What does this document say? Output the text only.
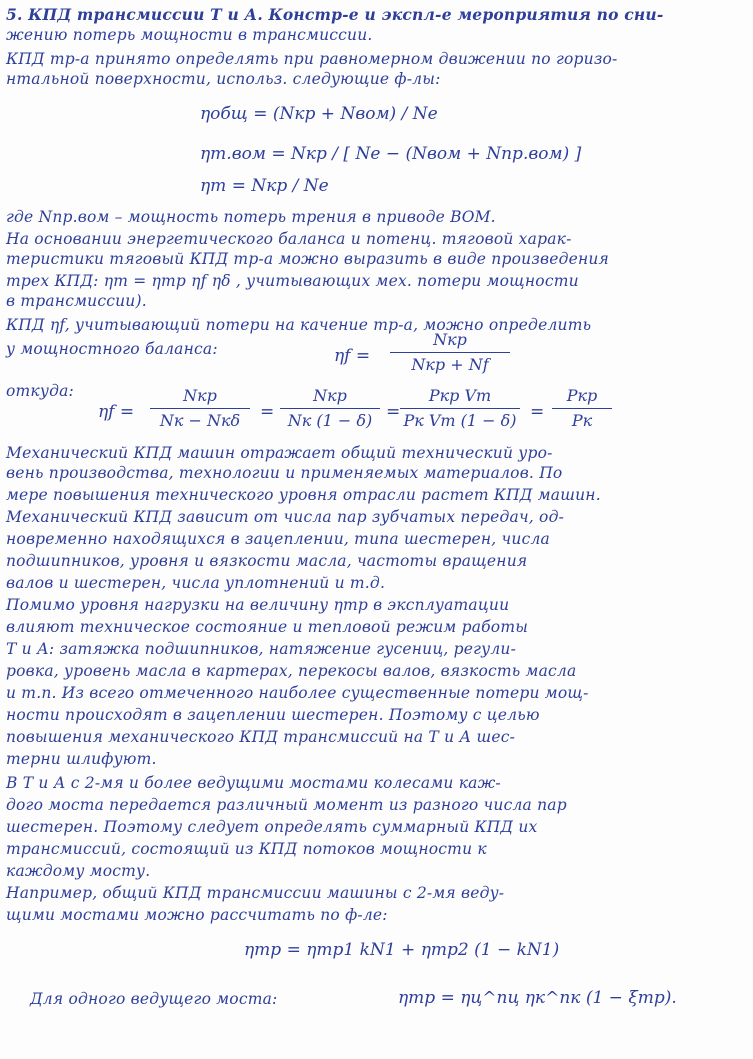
5. КПД трансмиссии Т и А. Констр-е и экспл-е мероприятия по сни-
жению потерь мощности в трансмиссии.
КПД тр-а принято определять при равномерном движении по горизо-
нтальной поверхности, использ. следующие ф-лы:
ηобщ = (Nкр + Nвом) / Ne
ηт.вом = Nкр / [ Ne − (Nвом + Nпр.вом) ]
ηт = Nкр / Ne
где Nпр.вом – мощность потерь трения в приводе ВОМ.
На основании энергетического баланса и потенц. тяговой харак-
теристики тяговый КПД тр-а можно выразить в виде произведения
трех КПД: ηт = ηтр ηf ηδ , учитывающих мех. потери мощности
в трансмиссии).
КПД ηf, учитывающий потери на качение тр-а, можно определить
у мощностного баланса:	ηf =
Nкр
Nкр + Nf
откуда:
ηf =
Nкр
Nк − Nкδ	=
Nкр
Nк (1 − δ) =
Pкр Vт
Pк Vт (1 − δ) =
Pкр
Pк
Механический КПД машин отражает общий технический уро-
вень производства, технологии и применяемых материалов. По
мере повышения технического уровня отрасли растет КПД машин.
Механический КПД зависит от числа пар зубчатых передач, од-
новременно находящихся в зацеплении, типа шестерен, числа
подшипников, уровня и вязкости масла, частоты вращения
валов и шестерен, числа уплотнений и т.д.
Помимо уровня нагрузки на величину ηтр в эксплуатации
влияют техническое состояние и тепловой режим работы
Т и А: затяжка подшипников, натяжение гусениц, регули-
ровка, уровень масла в картерах, перекосы валов, вязкость масла
и т.п. Из всего отмеченного наиболее существенные потери мощ-
ности происходят в зацеплении шестерен. Поэтому с целью
повышения механического КПД трансмиссий на Т и А шес-
терни шлифуют.
В Т и А с 2-мя и более ведущими мостами колесами каж-
дого моста передается различный момент из разного числа пар
шестерен. Поэтому следует определять суммарный КПД их
трансмиссий, состоящий из КПД потоков мощности к
каждому мосту.
Например, общий КПД трансмиссии машины с 2-мя веду-
щими мостами можно рассчитать по ф-ле:
ηтр = ηтр1 kN1 + ηтр2 (1 − kN1)
Для одного ведущего моста:	ηтр = ηц^nц ηк^nк (1 − ξтр).
